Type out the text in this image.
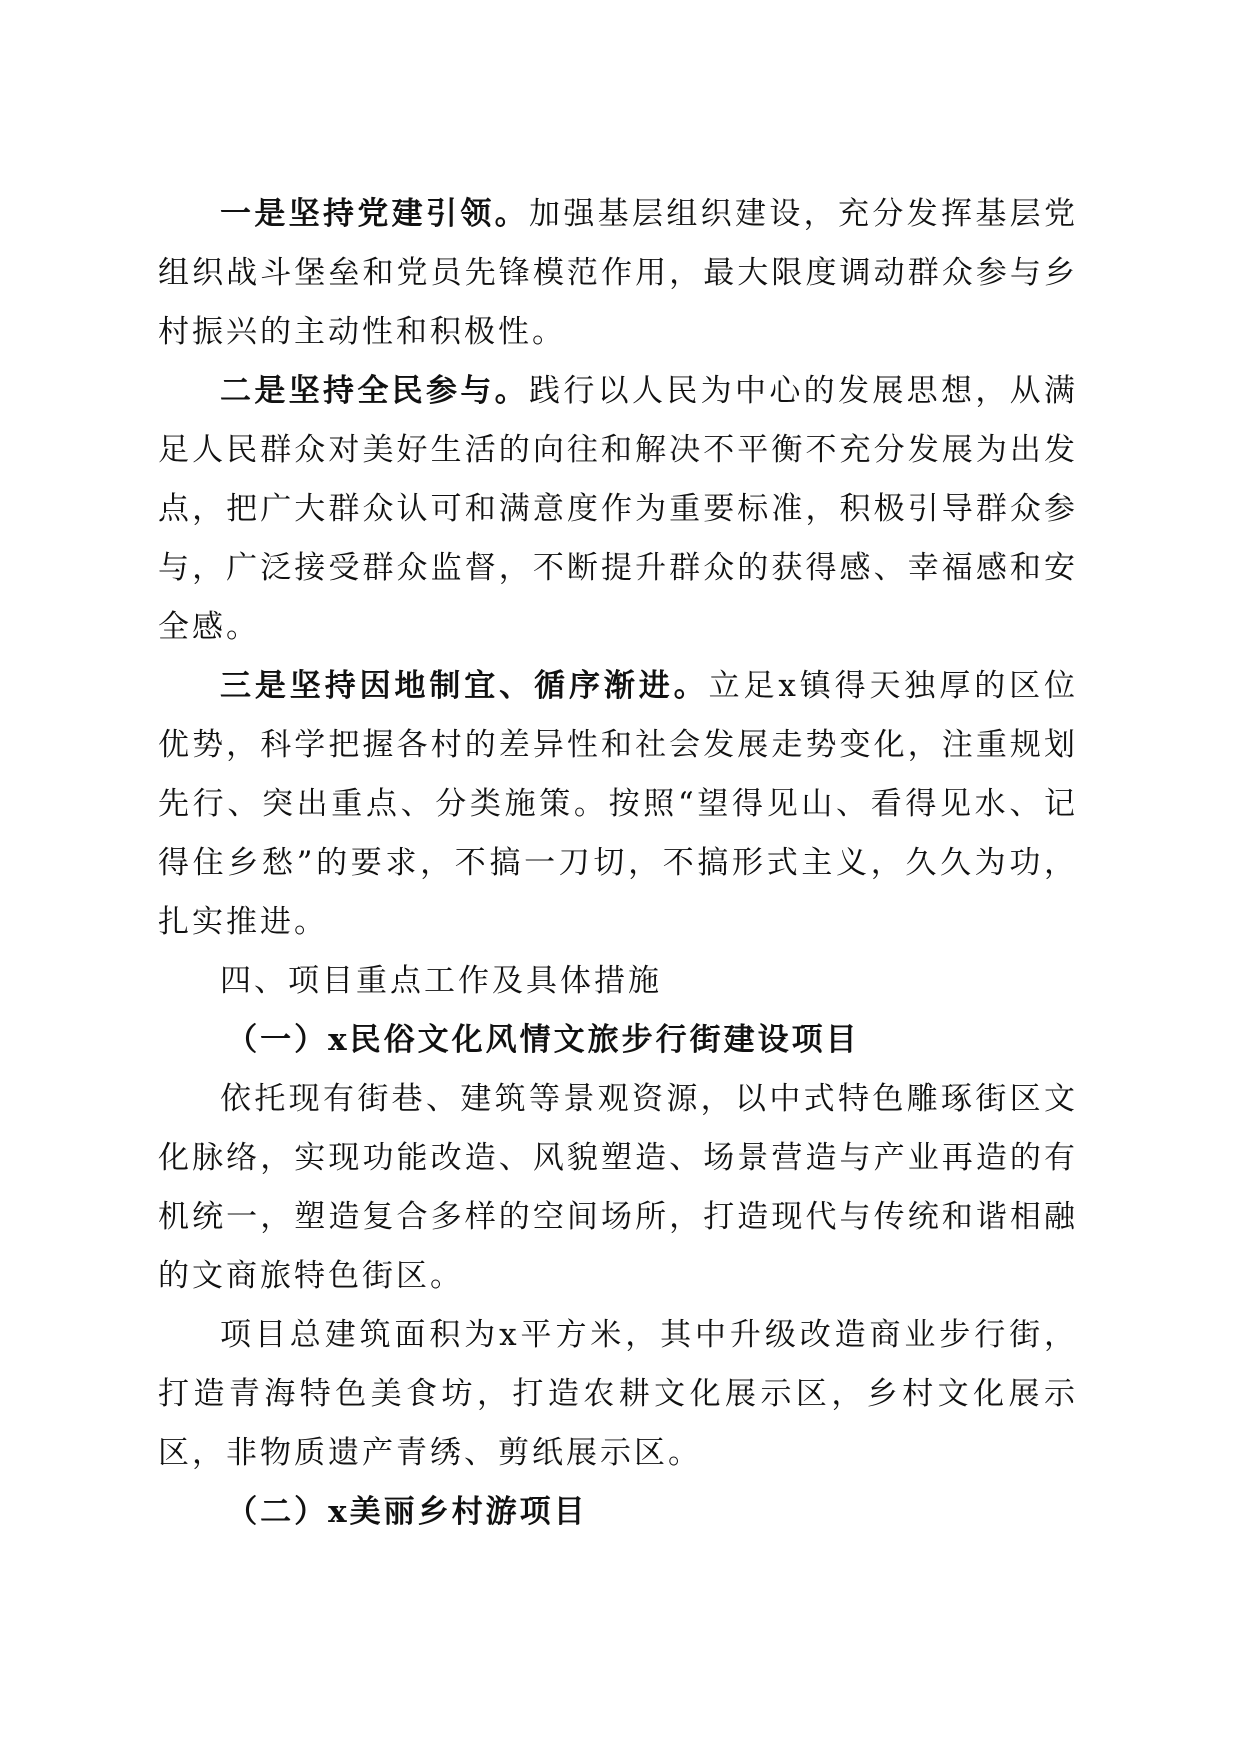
一是坚持党建引领。加强基层组织建设，充分发挥基层党组织战斗堡垒和党员先锋模范作用，最大限度调动群众参与乡村振兴的主动性和积极性。

二是坚持全民参与。践行以人民为中心的发展思想，从满足人民群众对美好生活的向往和解决不平衡不充分发展为出发点，把广大群众认可和满意度作为重要标准，积极引导群众参与，广泛接受群众监督，不断提升群众的获得感、幸福感和安全感。

三是坚持因地制宜、循序渐进。立足x镇得天独厚的区位优势，科学把握各村的差异性和社会发展走势变化，注重规划先行、突出重点、分类施策。按照“望得见山、看得见水、记得住乡愁”的要求，不搞一刀切，不搞形式主义，久久为功，扎实推进。

四、项目重点工作及具体措施

（一）x民俗文化风情文旅步行街建设项目

依托现有街巷、建筑等景观资源，以中式特色雕琢街区文化脉络，实现功能改造、风貌塑造、场景营造与产业再造的有机统一，塑造复合多样的空间场所，打造现代与传统和谐相融的文商旅特色街区。

项目总建筑面积为x平方米，其中升级改造商业步行街，打造青海特色美食坊，打造农耕文化展示区，乡村文化展示区，非物质遗产青绣、剪纸展示区。

（二）x美丽乡村游项目
